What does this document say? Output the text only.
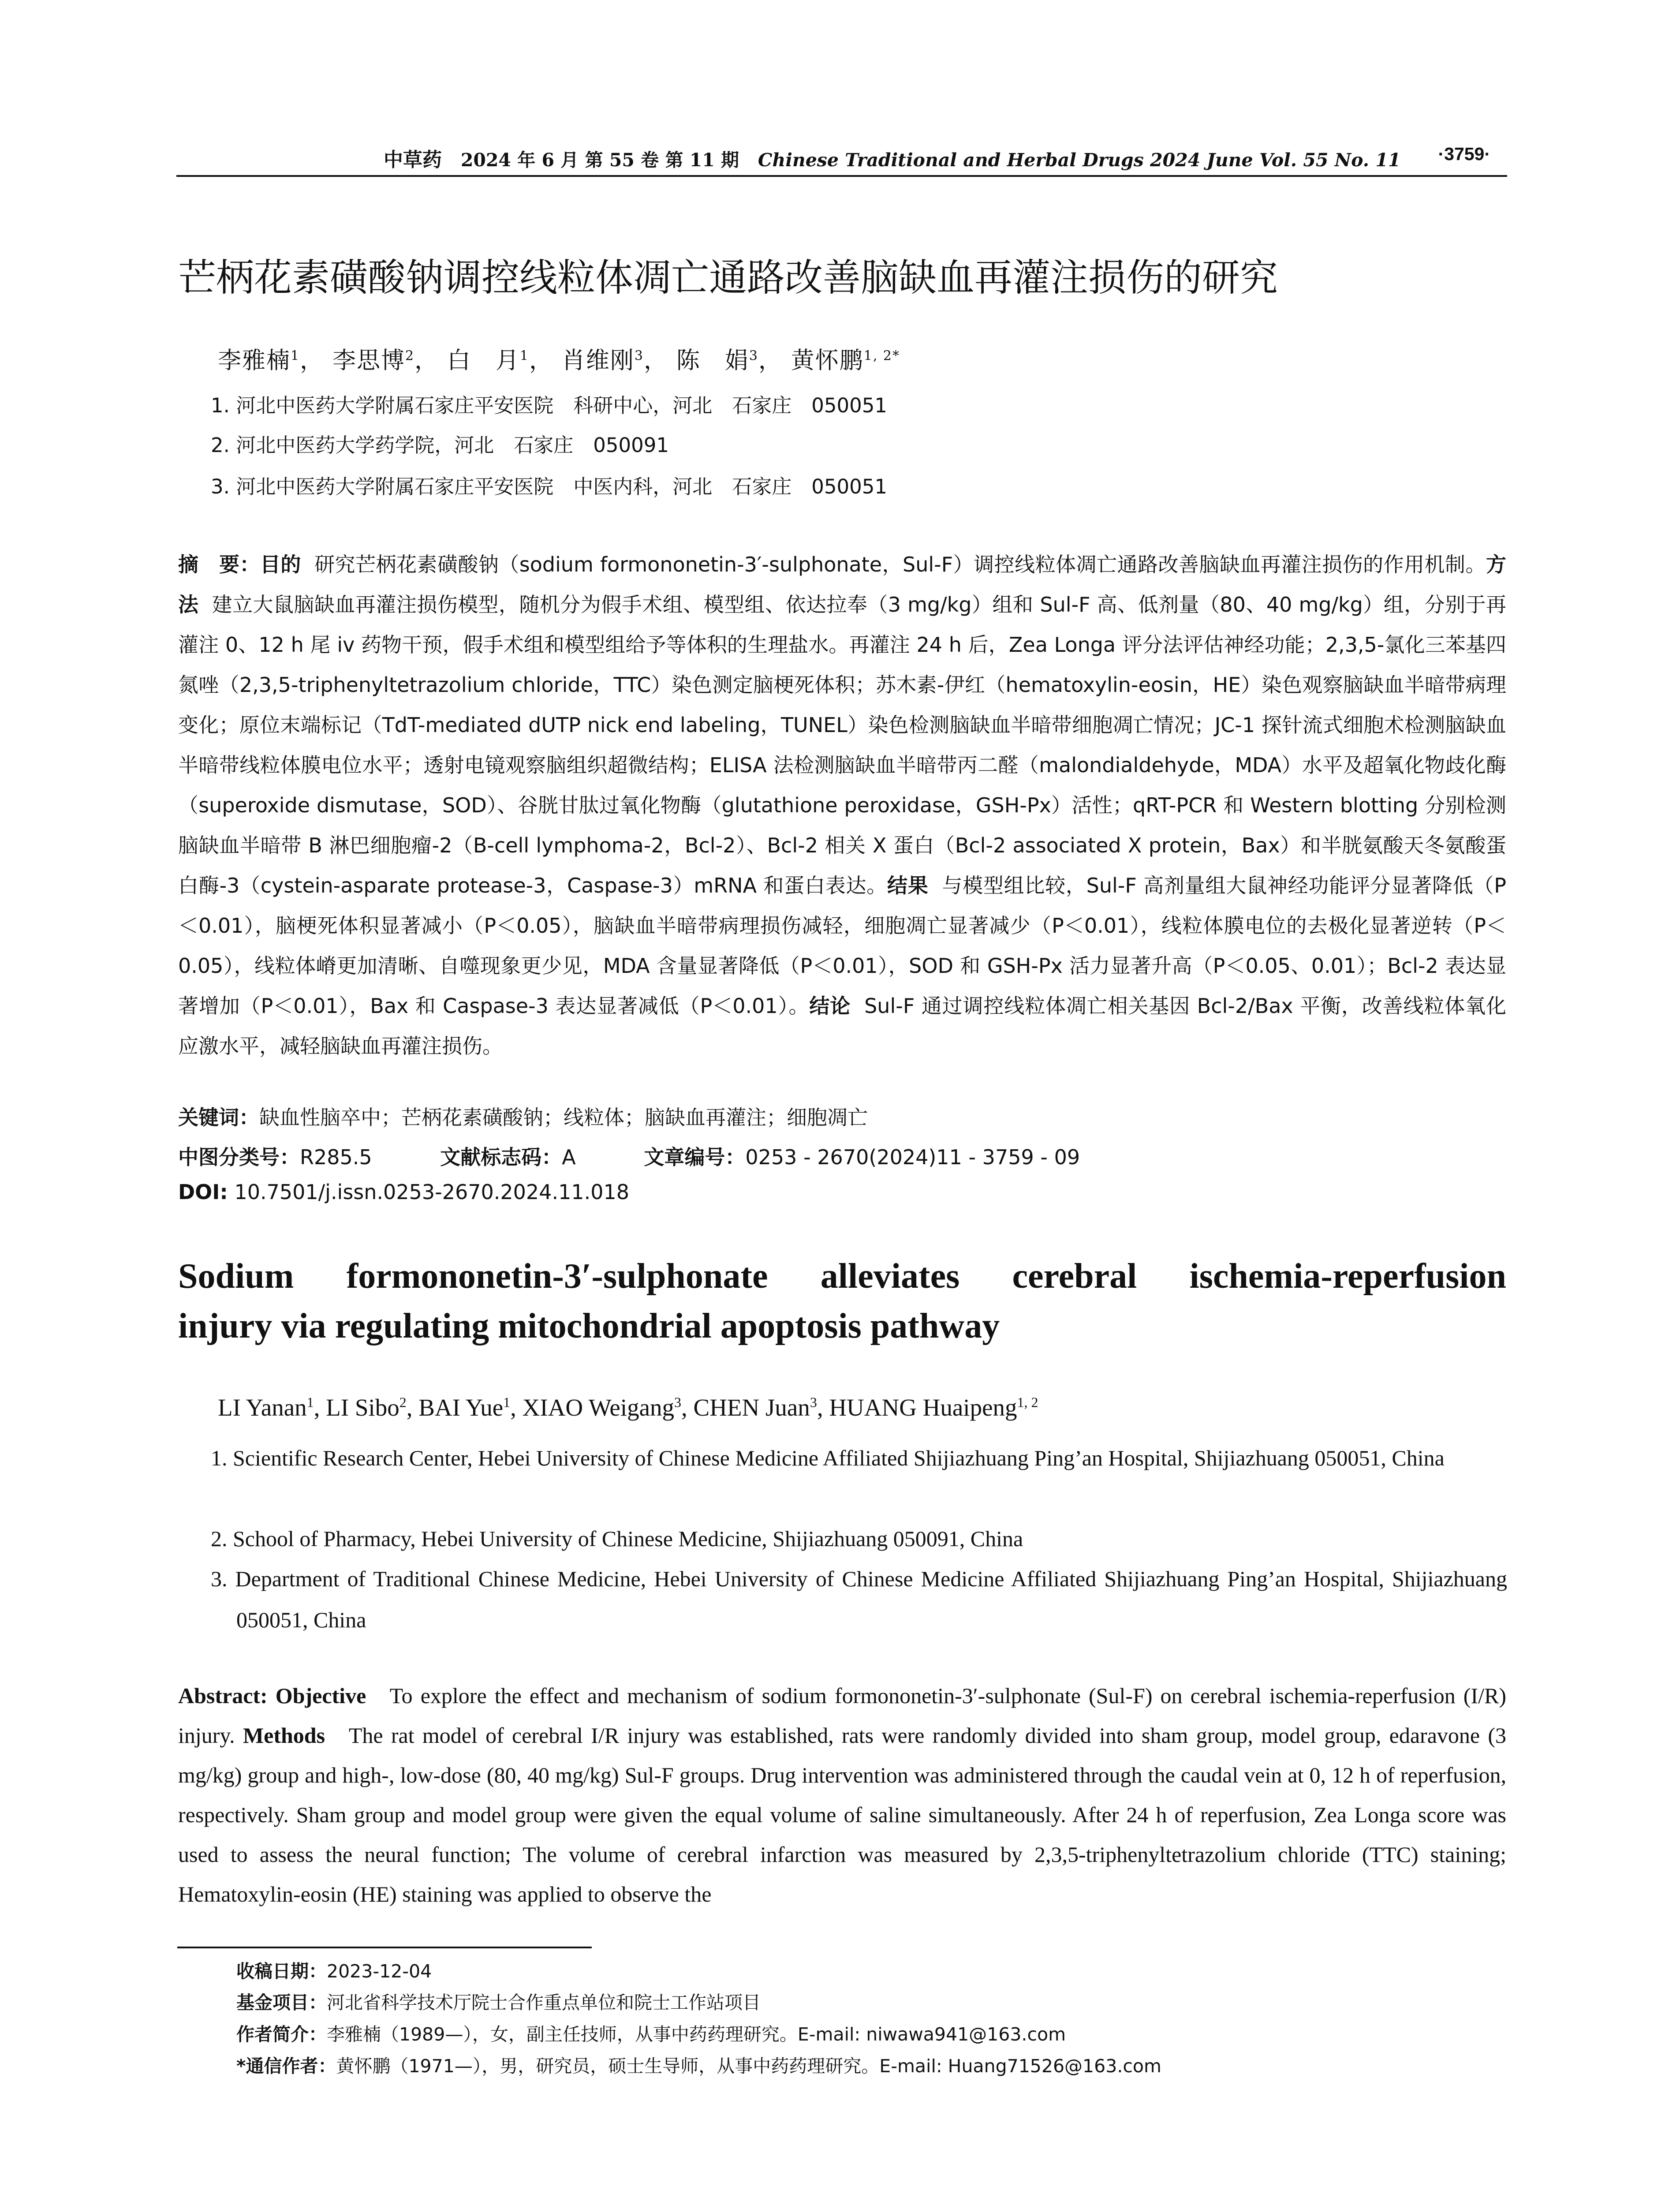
中草药 2024 年 6 月 第 55 卷 第 11 期 Chinese Traditional and Herbal Drugs 2024 June Vol. 55 No. 11 ·3759·
芒柄花素磺酸钠调控线粒体凋亡通路改善脑缺血再灌注损伤的研究
李雅楠$^1$， 李思博$^2$， 白　月$^1$， 肖维刚$^3$， 陈　娟$^3$， 黄怀鹏$^{1, 2*}$
1. 河北中医药大学附属石家庄平安医院　科研中心，河北　石家庄　050051
2. 河北中医药大学药学院，河北　石家庄　050091
3. 河北中医药大学附属石家庄平安医院　中医内科，河北　石家庄　050051
摘　要：目的 研究芒柄花素磺酸钠（sodium formononetin-3′-sulphonate，Sul-F）调控线粒体凋亡通路改善脑缺血再灌注损伤的作用机制。方法 建立大鼠脑缺血再灌注损伤模型，随机分为假手术组、模型组、依达拉奉（3 mg/kg）组和 Sul-F 高、低剂量（80、40 mg/kg）组，分别于再灌注 0、12 h 尾 iv 药物干预，假手术组和模型组给予等体积的生理盐水。再灌注 24 h 后，Zea Longa 评分法评估神经功能；2,3,5-氯化三苯基四氮唑（2,3,5-triphenyltetrazolium chloride，TTC）染色测定脑梗死体积；苏木素-伊红（hematoxylin-eosin，HE）染色观察脑缺血半暗带病理变化；原位末端标记（TdT-mediated dUTP nick end labeling，TUNEL）染色检测脑缺血半暗带细胞凋亡情况；JC-1 探针流式细胞术检测脑缺血半暗带线粒体膜电位水平；透射电镜观察脑组织超微结构；ELISA 法检测脑缺血半暗带丙二醛（malondialdehyde，MDA）水平及超氧化物歧化酶（superoxide dismutase，SOD）、谷胱甘肽过氧化物酶（glutathione peroxidase，GSH-Px）活性；qRT-PCR 和 Western blotting 分别检测脑缺血半暗带 B 淋巴细胞瘤-2（B-cell lymphoma-2，Bcl-2）、Bcl-2 相关 X 蛋白（Bcl-2 associated X protein，Bax）和半胱氨酸天冬氨酸蛋白酶-3（cystein-asparate protease-3，Caspase-3）mRNA 和蛋白表达。结果 与模型组比较，Sul-F 高剂量组大鼠神经功能评分显著降低（P＜0.01），脑梗死体积显著减小（P＜0.05），脑缺血半暗带病理损伤减轻，细胞凋亡显著减少（P＜0.01），线粒体膜电位的去极化显著逆转（P＜0.05），线粒体嵴更加清晰、自噬现象更少见，MDA 含量显著降低（P＜0.01），SOD 和 GSH-Px 活力显著升高（P＜0.05、0.01）；Bcl-2 表达显著增加（P＜0.01），Bax 和 Caspase-3 表达显著减低（P＜0.01）。结论 Sul-F 通过调控线粒体凋亡相关基因 Bcl-2/Bax 平衡，改善线粒体氧化应激水平，减轻脑缺血再灌注损伤。
关键词：缺血性脑卒中；芒柄花素磺酸钠；线粒体；脑缺血再灌注；细胞凋亡
中图分类号：R285.5	文献标志码：A	文章编号：0253 - 2670(2024)11 - 3759 - 09
DOI: 10.7501/j.issn.0253-2670.2024.11.018
Sodium formononetin-3′-sulphonate alleviates cerebral ischemia-reperfusion
injury via regulating mitochondrial apoptosis pathway
LI Yanan$^1$, LI Sibo$^2$, BAI Yue$^1$, XIAO Weigang$^3$, CHEN Juan$^3$, HUANG Huaipeng$^{1, 2}$
1. Scientific Research Center, Hebei University of Chinese Medicine Affiliated Shijiazhuang Ping’an Hospital, Shijiazhuang 050051, China
2. School of Pharmacy, Hebei University of Chinese Medicine, Shijiazhuang 050091, China
3. Department of Traditional Chinese Medicine, Hebei University of Chinese Medicine Affiliated Shijiazhuang Ping’an Hospital, Shijiazhuang 050051, China
Abstract: Objective To explore the effect and mechanism of sodium formononetin-3′-sulphonate (Sul-F) on cerebral ischemia-reperfusion (I/R) injury. Methods The rat model of cerebral I/R injury was established, rats were randomly divided into sham group, model group, edaravone (3 mg/kg) group and high-, low-dose (80, 40 mg/kg) Sul-F groups. Drug intervention was administered through the caudal vein at 0, 12 h of reperfusion, respectively. Sham group and model group were given the equal volume of saline simultaneously. After 24 h of reperfusion, Zea Longa score was used to assess the neural function; The volume of cerebral infarction was measured by 2,3,5-triphenyltetrazolium chloride (TTC) staining; Hematoxylin-eosin (HE) staining was applied to observe the
收稿日期：2023-12-04
基金项目：河北省科学技术厅院士合作重点单位和院士工作站项目
作者简介：李雅楠（1989—），女，副主任技师，从事中药药理研究。E-mail: niwawa941@163.com
*通信作者：黄怀鹏（1971—），男，研究员，硕士生导师，从事中药药理研究。E-mail: Huang71526@163.com
